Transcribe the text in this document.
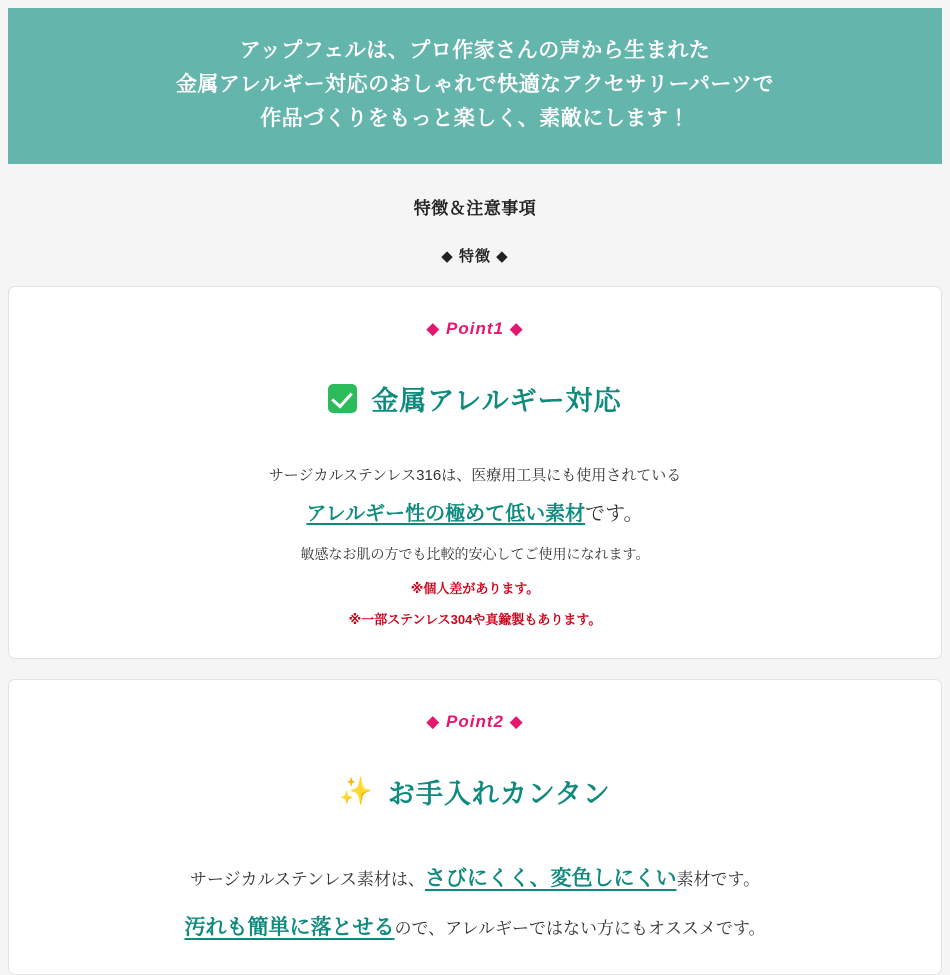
アップフェルは、プロ作家さんの声から生まれた
金属アレルギー対応のおしゃれで快適なアクセサリーパーツで
作品づくりをもっと楽しく、素敵にします！
特徴＆注意事項
◆ 特徴 ◆
◆ Point1 ◆
金属アレルギー対応
サージカルステンレス316は、医療用工具にも使用されている
アレルギー性の極めて低い素材です。
敏感なお肌の方でも比較的安心してご使用になれます。
※個人差があります。
※一部ステンレス304や真鍮製もあります。
◆ Point2 ◆
✨ お手入れカンタン
サージカルステンレス素材は、さびにくく、変色しにくい素材です。
汚れも簡単に落とせるので、アレルギーではない方にもオススメです。
